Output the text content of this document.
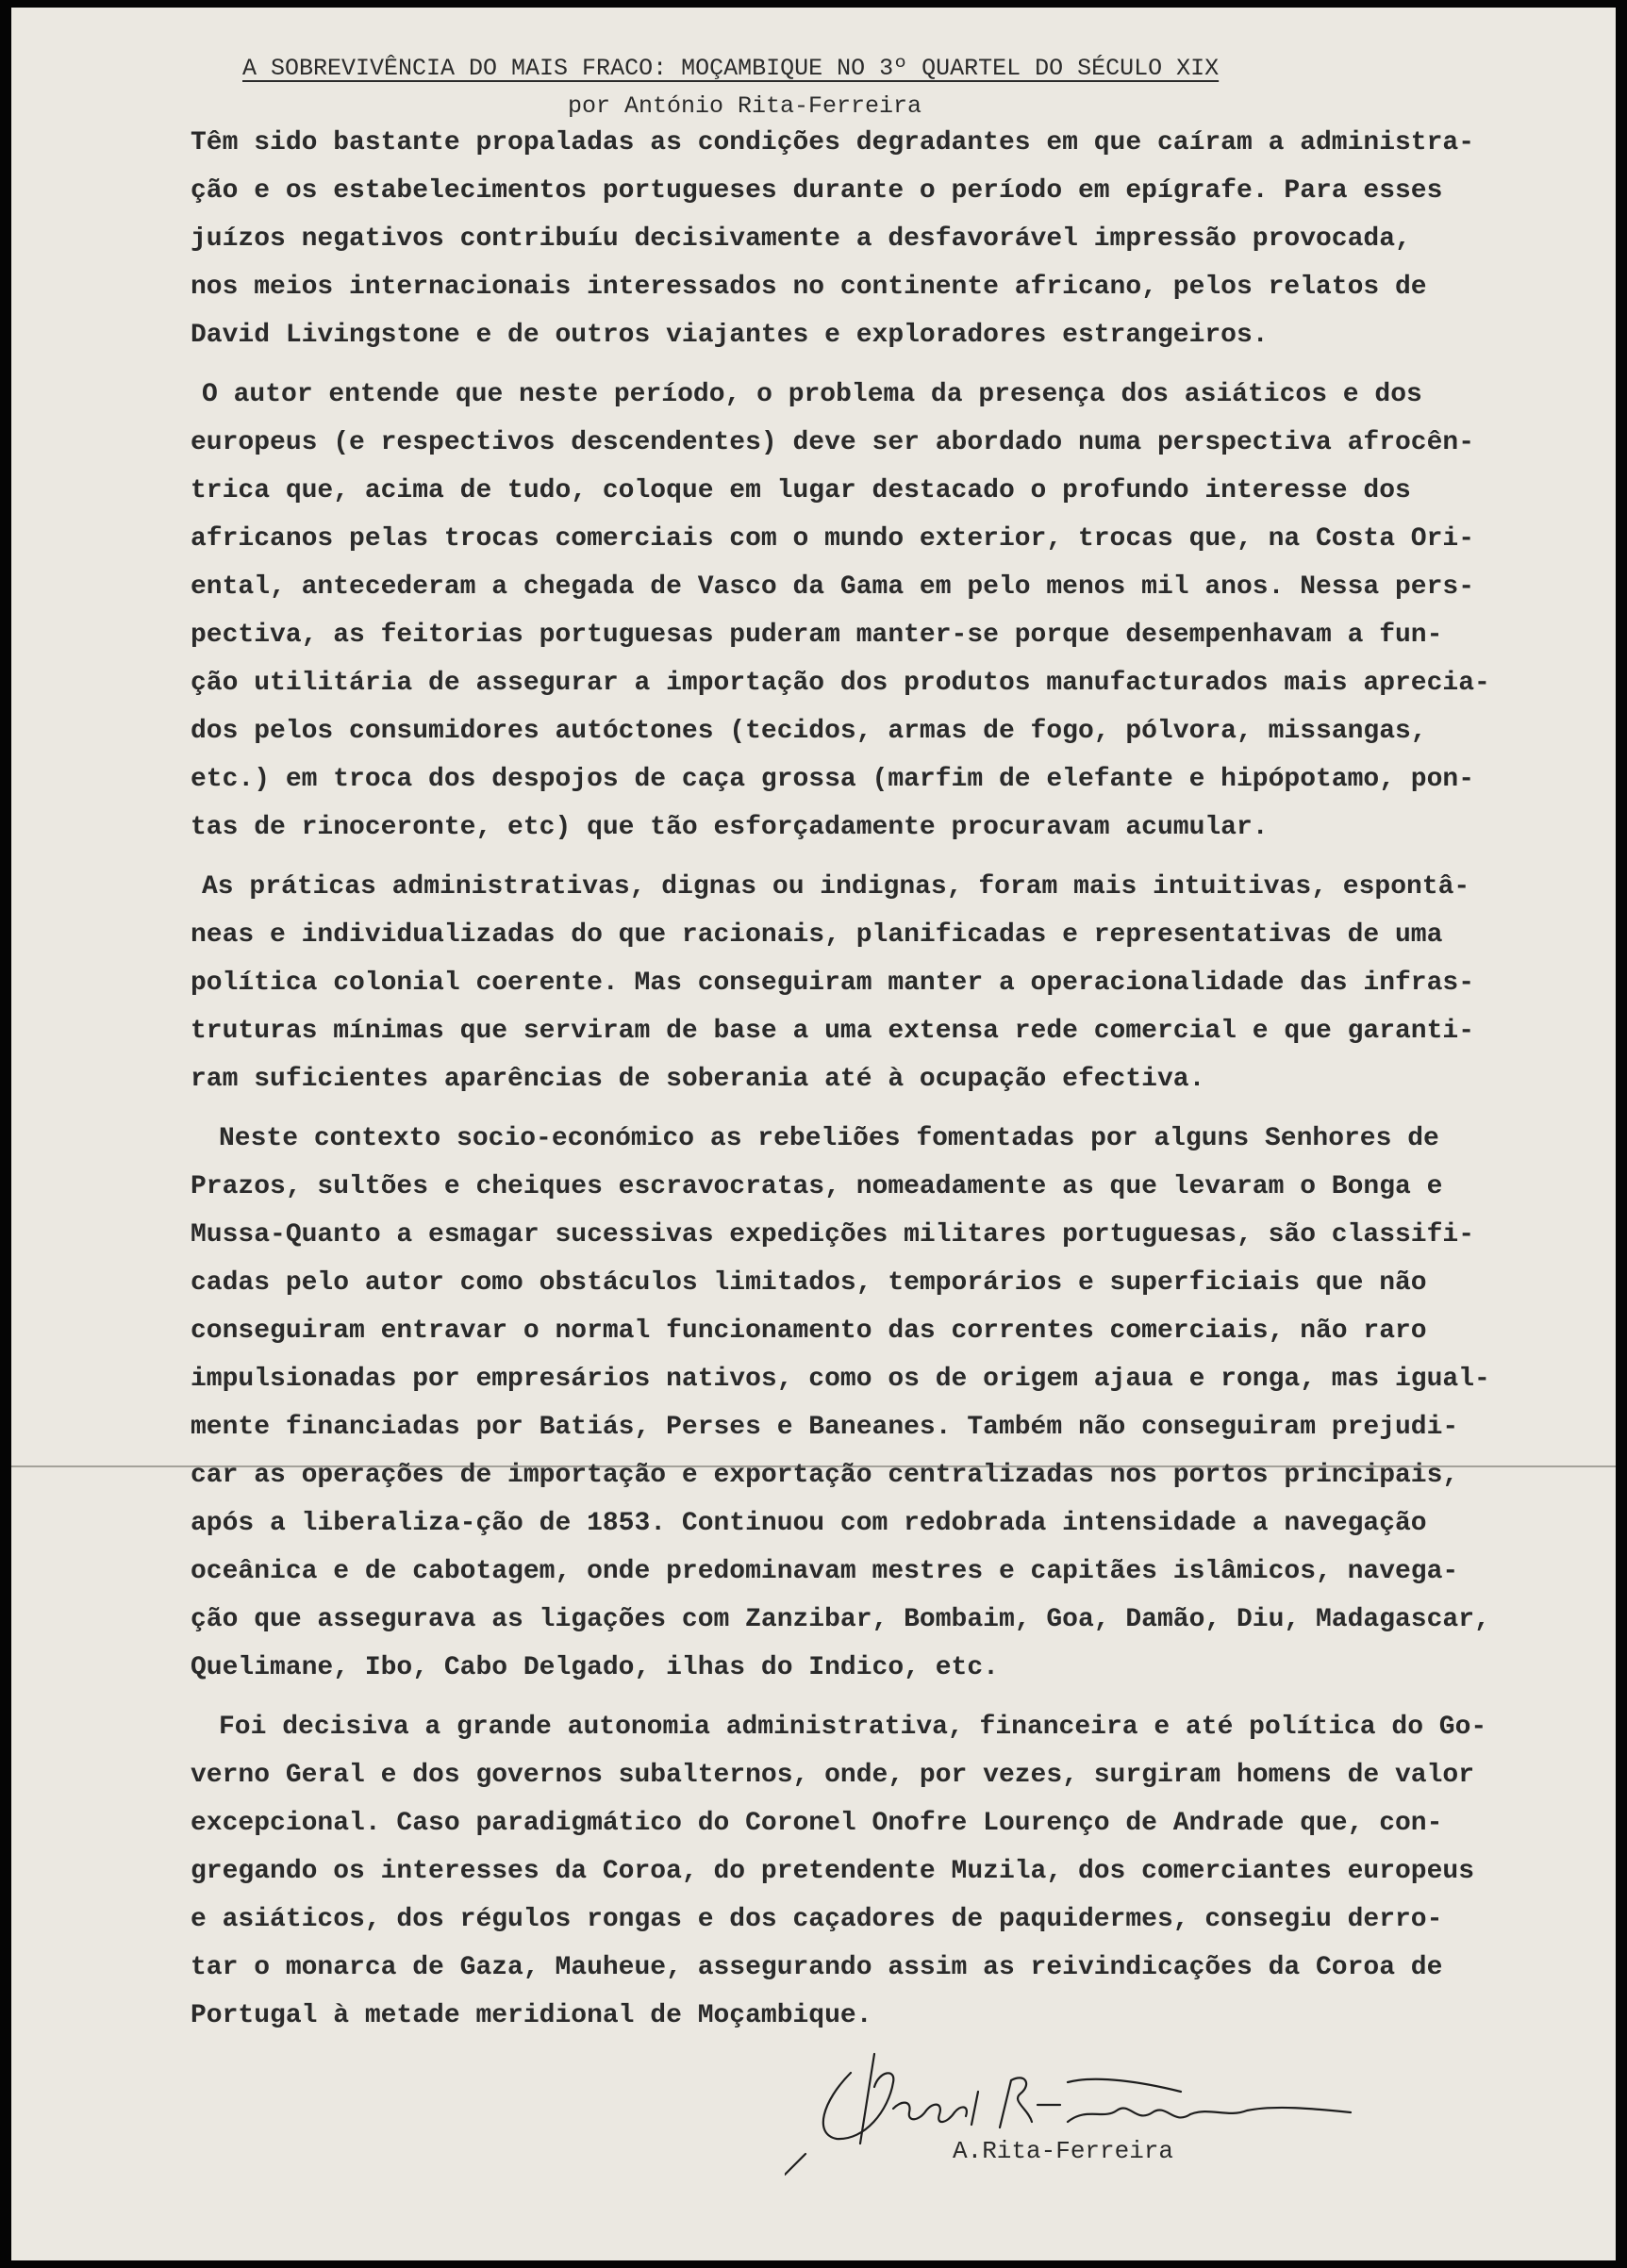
A SOBREVIVÊNCIA DO MAIS FRACO: MOÇAMBIQUE NO 3º QUARTEL DO SÉCULO XIX
por António Rita-Ferreira
Têm sido bastante propaladas as condições degradantes em que caíram a administra-
ção e os estabelecimentos portugueses durante o período em epígrafe. Para esses
juízos negativos contribuíu decisivamente a desfavorável impressão provocada,
nos meios internacionais interessados no continente africano, pelos relatos de
David Livingstone e de outros viajantes e exploradores estrangeiros.
O autor entende que neste período, o problema da presença dos asiáticos e dos
europeus (e respectivos descendentes) deve ser abordado numa perspectiva afrocên-
trica que, acima de tudo, coloque em lugar destacado o profundo interesse dos
africanos pelas trocas comerciais com o mundo exterior, trocas que, na Costa Ori-
ental, antecederam a chegada de Vasco da Gama em pelo menos mil anos. Nessa pers-
pectiva, as feitorias portuguesas puderam manter-se porque desempenhavam a fun-
ção utilitária de assegurar a importação dos produtos manufacturados mais aprecia-
dos pelos consumidores autóctones (tecidos, armas de fogo, pólvora, missangas,
etc.) em troca dos despojos de caça grossa (marfim de elefante e hipópotamo, pon-
tas de rinoceronte, etc) que tão esforçadamente procuravam acumular.
As práticas administrativas, dignas ou indignas, foram mais intuitivas, espontâ-
neas e individualizadas do que racionais, planificadas e representativas de uma
política colonial coerente. Mas conseguiram manter a operacionalidade das infras-
truturas mínimas que serviram de base a uma extensa rede comercial e que garanti-
ram suficientes aparências de soberania até à ocupação efectiva.
Neste contexto socio-económico as rebeliões fomentadas por alguns Senhores de
Prazos, sultões e cheiques escravocratas, nomeadamente as que levaram o Bonga e
Mussa-Quanto a esmagar sucessivas expedições militares portuguesas, são classifi-
cadas pelo autor como obstáculos limitados, temporários e superficiais que não
conseguiram entravar o normal funcionamento das correntes comerciais, não raro
impulsionadas por empresários nativos, como os de origem ajaua e ronga, mas igual-
mente financiadas por Batiás, Perses e Baneanes. Também não conseguiram prejudi-
car as operações de importação e exportação centralizadas nos portos principais,
após a liberaliza-ção de 1853. Continuou com redobrada intensidade a navegação
oceânica e de cabotagem, onde predominavam mestres e capitães islâmicos, navega-
ção que assegurava as ligações com Zanzibar, Bombaim, Goa, Damão, Diu, Madagascar,
Quelimane, Ibo, Cabo Delgado, ilhas do Indico, etc.
Foi decisiva a grande autonomia administrativa, financeira e até política do Go-
verno Geral e dos governos subalternos, onde, por vezes, surgiram homens de valor
excepcional. Caso paradigmático do Coronel Onofre Lourenço de Andrade que, con-
gregando os interesses da Coroa, do pretendente Muzila, dos comerciantes europeus
e asiáticos, dos régulos rongas e dos caçadores de paquidermes, consegiu derro-
tar o monarca de Gaza, Mauheue, assegurando assim as reivindicações da Coroa de
Portugal à metade meridional de Moçambique.
A.Rita-Ferreira
